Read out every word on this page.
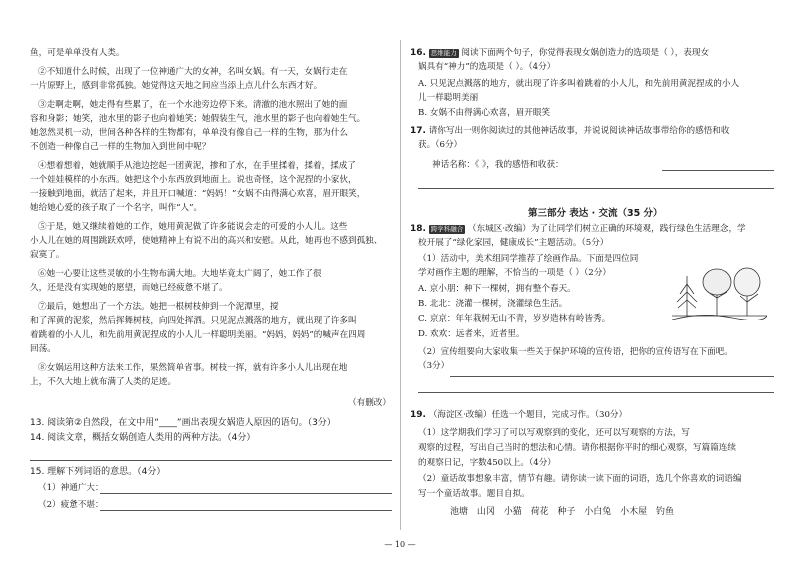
鱼，可是单单没有人类。
②不知道什么时候，出现了一位神通广大的女神，名叫女娲。有一天，女娲行走在
一片原野上，感到非常孤独。她觉得这天地之间应当添上点儿什么东西才好。
③走啊走啊，她走得有些累了，在一个水池旁边停下来。清澈的池水照出了她的面
容和身影；她笑，池水里的影子也向着她笑；她假装生气，池水里的影子也向着她生气。
她忽然灵机一动，世间各种各样的生物都有，单单没有像自己一样的生物，那为什么
不创造一种像自己一样的生物加入到世间中呢？
④想着想着，她就顺手从池边挖起一团黄泥，掺和了水，在手里揉着，揉着，揉成了
一个娃娃模样的小东西。她把这个小东西放到地面上。说也奇怪，这个泥捏的小家伙，
一接触到地面，就活了起来，并且开口喊道：“妈妈！”女娲不由得满心欢喜，眉开眼笑，
她给她心爱的孩子取了一个名字，叫作“人”。
⑤于是，她又继续着她的工作，她用黄泥做了许多能说会走的可爱的小人儿。这些
小人儿在她的周围跳跃欢呼，使她精神上有说不出的高兴和安慰。从此，她再也不感到孤独、
寂寞了。
⑥她一心要让这些灵敏的小生物布满大地。大地毕竟太广阔了，她工作了很
久，还是没有实现她的愿望，而她已经疲惫不堪了。
⑦最后，她想出了一个方法。她把一根树枝伸到一个泥潭里，搅
和了浑黄的泥浆，然后挥舞树枝，向四处挥洒。只见泥点溅落的地方，就出现了许多叫
着跳着的小人儿，和先前用黄泥捏成的小人儿一样聪明美丽。“妈妈，妈妈”的喊声在四周
回荡。
⑧女娲运用这种方法来工作，果然简单省事。树枝一挥，就有许多小人儿出现在地
上，不久大地上就布满了人类的足迹。
（有删改）
13. 阅读第②自然段，在文中用“____”画出表现女娲造人原因的语句。（3分）
14. 阅读文章，概括女娲创造人类用的两种方法。（4分）
15. 理解下列词语的意思。（4分）
（1）神通广大：
（2）疲惫不堪：
16. 思维能力 阅读下面两个句子，你觉得表现女娲创造力的选项是（ ），表现女
娲具有“神力”的选项是（ ）。（4分）
A. 只见泥点溅落的地方，就出现了许多叫着跳着的小人儿，和先前用黄泥捏成的小人
儿一样聪明美丽
B. 女娲不由得满心欢喜，眉开眼笑
17. 请你写出一则你阅读过的其他神话故事，并说说阅读神话故事带给你的感悟和收
获。（6分）
神话名称：《 》，我的感悟和收获：
第三部分 表达 · 交流（35 分）
18. 跨学科融合 （东城区·改编）为了让同学们树立正确的环境观，践行绿色生活理念，学
校开展了“绿化家园，健康成长”主题活动。（5分）
（1）活动中，美术组同学推荐了绘画作品。下面是四位同
学对画作主题的理解，不恰当的一项是（ ）（2分）
A. 京小朋：种下一棵树，拥有整个春天。
B. 北北：浇灌一棵树，浇灌绿色生活。
C. 京京：年年栽树无山不青，岁岁造林有岭皆秀。
D. 欢欢：远者来，近者里。
（2）宣传组要向大家收集一些关于保护环境的宣传语，把你的宣传语写在下面吧。
（3分）
19. （海淀区·改编）任选一个题目，完成习作。（30分）
（1）这学期我们学习了可以写观察到的变化，还可以写观察的方法，写
观察的过程，写出自己当时的想法和心情。请你根据你平时的细心观察，写篇篇连续
的观察日记，字数450以上。（4分）
（2）童话故事想象丰富，情节有趣。请你读一读下面的词语，选几个你喜欢的词语编
写一个童话故事。题目自拟。
池塘 山冈 小猫 荷花 种子 小白兔 小木屋 钓鱼
— 10 —
